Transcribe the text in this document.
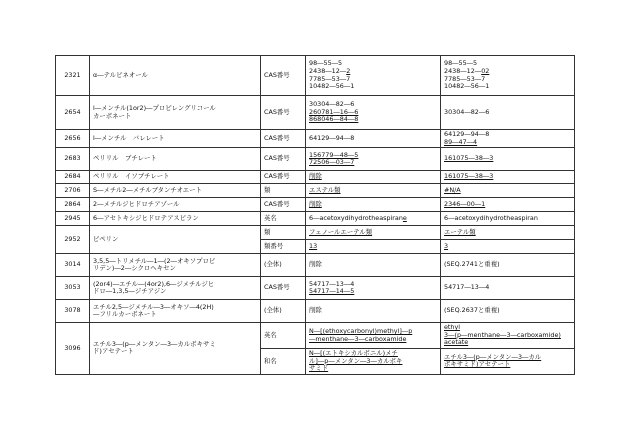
2321	α―テルピネオール	CAS番号	98―55―5
2438―12―2
7785―53―7
10482―56―1	98―55―5
2438―12―02
7785―53―7
10482―56―1

2654	l―メンチル(1or2)―プロピレングリコール
カーボネート	CAS番号	30304―82―6
260781―16―6
868046―84―8	30304―82―6

2656	l―メンチル　バレレート	CAS番号	64129―94―8	64129―94―8
89―47―4

2683	ペリリル　ブチレート	CAS番号	156779―48―5
72506―03―7	161075―38―3

2684	ペリリル　イソブチレート	CAS番号	削除	161075―38―3

2706	S―メチル2―メチルブタンチオエート	類	エステル類	#N/A

2864	2―メチルジヒドロチアゾール	CAS番号	削除	2346―00―1

2945	6―アセトキシジヒドロテアスピラン	英名	6―acetoxydihydrotheaspirane	6―acetoxydihydrotheaspiran

2952	ピペリン	類	フェノールエーテル類	エーテル類

		類番号	13	3

3014	3,5,5―トリメチル―1―(2―オキソプロピ
リデン)―2―シクロヘキセン	(全体)	削除	(SEQ.2741と重複)

3053	(2or4)―エチル―(4or2),6―ジメチルジヒ
ドロ―1,3,5―ジチアジン	CAS番号	54717―13―4
54717―14―5	54717―13―4

3078	エチル2,5―ジメチル―3―オキソ―4(2H)
―フリルカーボネート	(全体)	削除	(SEQ.2637と重複)

3096	エチル3―(p―メンタン―3―カルボキサミ
ド)アセテート	英名	N―[(ethoxycarbonyl)methyl]―p
―menthane―3―carboxamide	ethyl
3―(p―menthane―3―carboxamide)
acetate

		和名	N―[(エトキシカルボニル)メチ
ル]―p―メンタン―3―カルボキ
サミド	エチル3―(p―メンタン―3―カル
ボキサミド)アセテート
